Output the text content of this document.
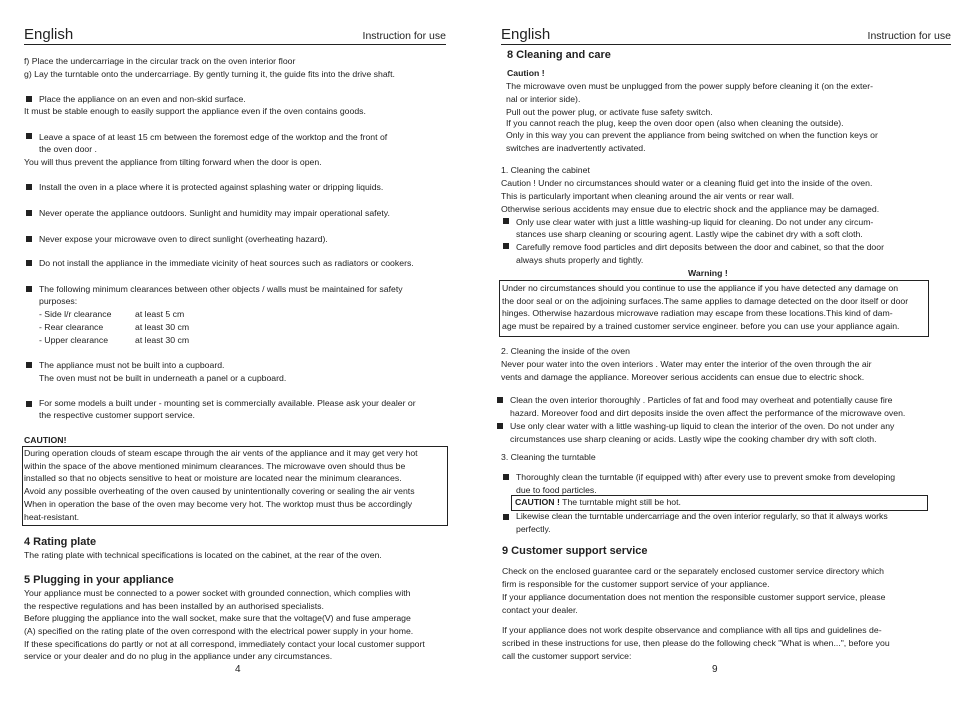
English	Instruction for use
f) Place the undercarriage in the circular track on the oven interior floor
g) Lay the turntable onto the undercarriage. By gently turning it, the guide fits into the drive shaft.
Place the appliance on an even and non-skid surface.
It must be stable enough to easily support the appliance even if the oven contains goods.
Leave a space of at least 15 cm between the foremost edge of the worktop and the front of
the oven door .
You will thus prevent the appliance from tilting forward when the door is open.
Install the oven in a place where it is protected against splashing water or dripping liquids.
Never operate the appliance outdoors. Sunlight and humidity may impair operational safety.
Never expose your microwave oven to direct sunlight (overheating hazard).
Do not install the appliance in the immediate vicinity of heat sources such as radiators or cookers.
The following minimum clearances between other objects / walls must be maintained for safety
purposes:
- Side l/r clearance	at least 5 cm
- Rear clearance	at least 30 cm
- Upper clearance	at least 30 cm
The appliance must not be built into a cupboard.
The oven must not be built in underneath a panel or a cupboard.
For some models a built under - mounting set is commercially available. Please ask your dealer or
the respective customer support service.
CAUTION!
During operation clouds of steam escape through the air vents of the appliance and it may get very hot
within the space of the above mentioned minimum clearances. The microwave oven should thus be
installed so that no objects sensitive to heat or moisture are located near the minimum clearances.
Avoid any possible overheating of the oven caused by unintentionally covering or sealing the air vents
When in operation the base of the oven may become very hot. The worktop must thus be accordingly
heat-resistant.
4 Rating plate
The rating plate with technical specifications is located on the cabinet, at the rear of the oven.
5 Plugging in your appliance
Your appliance must be connected to a power socket with grounded connection, which complies with
the respective regulations and has been installed by an authorised specialists.
Before plugging the appliance into the wall socket, make sure that the voltage(V) and fuse amperage
(A) specified on the rating plate of the oven correspond with the electrical power supply in your home.
If these specifications do partly or not at all correspond, immediately contact your local customer support
service or your dealer and do no plug in the appliance under any circumstances.
4
English	Instruction for use
8 Cleaning and care
Caution !
The microwave oven must be unplugged from the power supply before cleaning it (on the exter-
nal or interior side).
Pull out the power plug, or activate fuse safety switch.
If you cannot reach the plug, keep the oven door open (also when cleaning the outside).
Only in this way you can prevent the appliance from being switched on when the function keys or
switches are inadvertently activated.
1. Cleaning the cabinet
Caution ! Under no circumstances should water or a cleaning fluid get into the inside of the oven.
This is particularly important when cleaning around the air vents or rear wall.
Otherwise serious accidents may ensue due to electric shock and the appliance may be damaged.
Only use clear water with just a little washing-up liquid for cleaning. Do not under any circum-
stances use sharp cleaning or scouring agent. Lastly wipe the cabinet dry with a soft cloth.
Carefully remove food particles and dirt deposits between the door and cabinet, so that the door
always shuts properly and tightly.
Warning !
Under no circumstances should you continue to use the appliance if you have detected any damage on
the door seal or on the adjoining surfaces.The same applies to damage detected on the door itself or door
hinges. Otherwise hazardous microwave radiation may escape from these locations.This kind of dam-
age must be repaired by a trained customer service engineer. before you can use your appliance again.
2. Cleaning the inside of the oven
Never pour water into the oven interiors . Water may enter the interior of the oven through the air
vents and damage the appliance. Moreover serious accidents can ensue due to electric shock.
Clean the oven interior thoroughly . Particles of fat and food may overheat and potentially cause fire
hazard. Moreover food and dirt deposits inside the oven affect the performance of the microwave oven.
Use only clear water with a little washing-up liquid to clean the interior of the oven. Do not under any
circumstances use sharp cleaning or acids. Lastly wipe the cooking chamber dry with soft cloth.
3. Cleaning the turntable
Thoroughly clean the turntable (if equipped with) after every use to prevent smoke from developing
due to food particles.
CAUTION ! The turntable might still be hot.
Likewise clean the turntable undercarriage and the oven interior regularly, so that it always works
perfectly.
9 Customer support service
Check on the enclosed guarantee card or the separately enclosed customer service directory which
firm is responsible for the customer support service of your appliance.
If your appliance documentation does not mention the responsible customer support service, please
contact your dealer.
If your appliance does not work despite observance and compliance with all tips and guidelines de-
scribed in these instructions for use, then please do the following check "What is when...", before you
call the customer support service:
9
